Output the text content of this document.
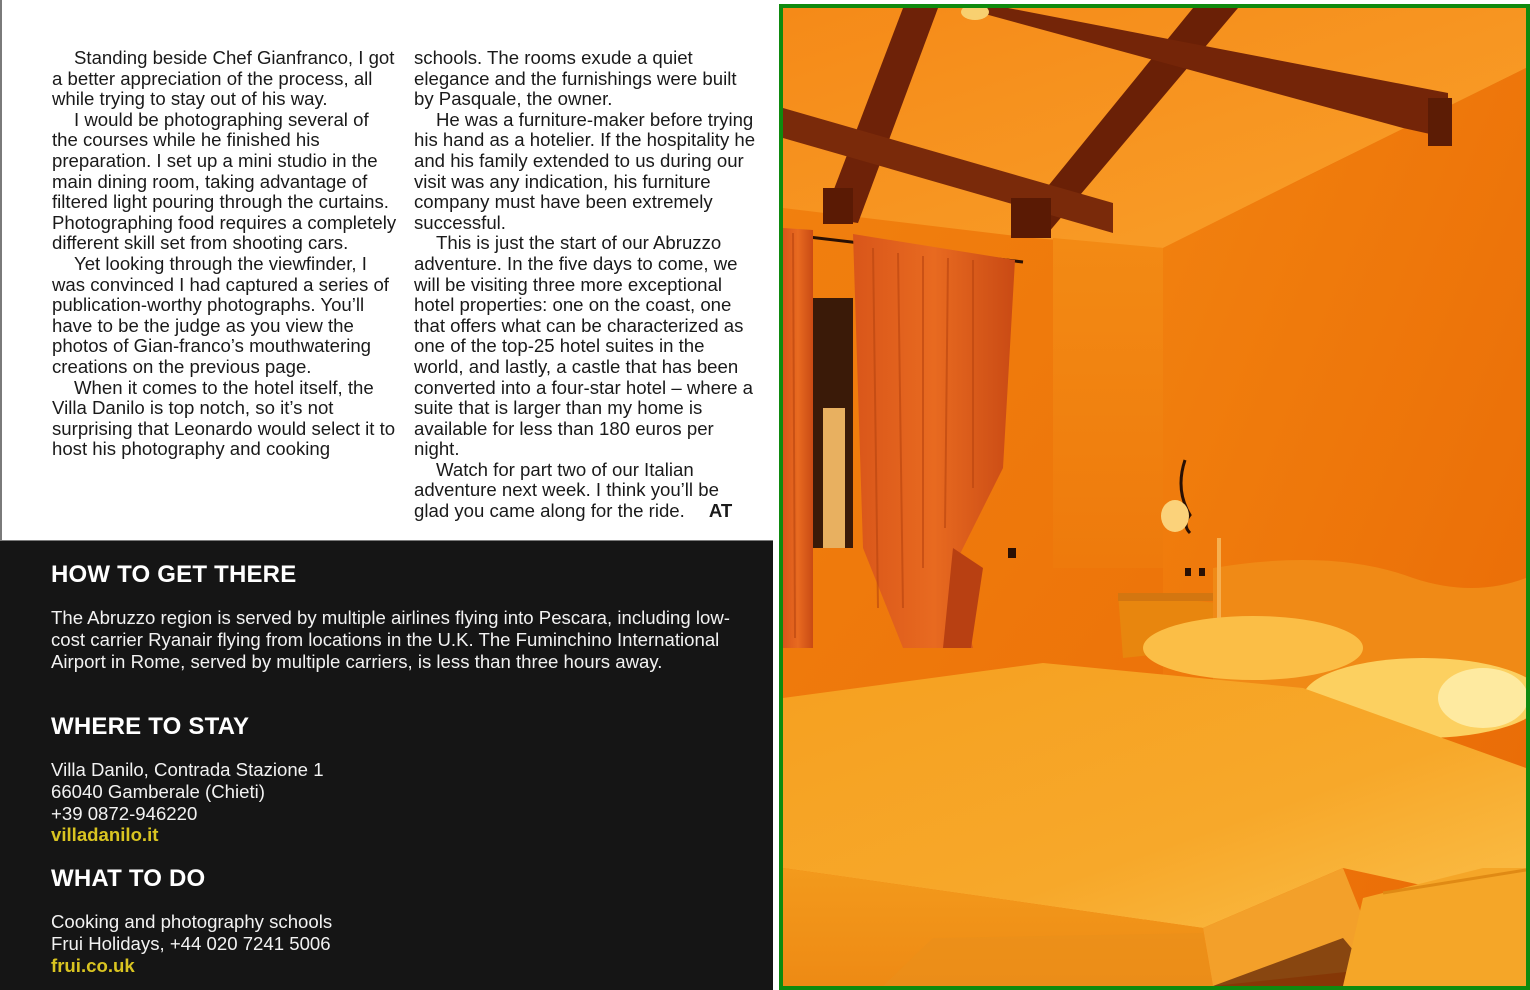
Standing beside Chef Gianfranco, I got a better appreciation of the process, all while trying to stay out of his way.

I would be photographing several of the courses while he finished his preparation. I set up a mini studio in the main dining room, taking advantage of filtered light pouring through the curtains. Photographing food requires a completely different skill set from shooting cars.

Yet looking through the viewfinder, I was convinced I had captured a series of publication-worthy photographs. You’ll have to be the judge as you view the photos of Gian-franco’s mouthwatering creations on the previous page.

When it comes to the hotel itself, the Villa Danilo is top notch, so it’s not surprising that Leonardo would select it to host his photography and cooking

schools. The rooms exude a quiet elegance and the furnishings were built by Pasquale, the owner.

He was a furniture-maker before trying his hand as a hotelier. If the hospitality he and his family extended to us during our visit was any indication, his furniture company must have been extremely successful.

This is just the start of our Abruzzo adventure. In the five days to come, we will be visiting three more exceptional hotel properties: one on the coast, one that offers what can be characterized as one of the top-25 hotel suites in the world, and lastly, a castle that has been converted into a four-star hotel – where a suite that is larger than my home is available for less than 180 euros per night.

Watch for part two of our Italian adventure next week. I think you’ll be glad you came along for the ride. AT

HOW TO GET THERE
The Abruzzo region is served by multiple airlines flying into Pescara, including low-cost carrier Ryanair flying from locations in the U.K. The Fuminchino International Airport in Rome, served by multiple carriers, is less than three hours away.
WHERE TO STAY
Villa Danilo, Contrada Stazione 1
66040 Gamberale (Chieti)
+39 0872-946220
villadanilo.it
WHAT TO DO
Cooking and photography schools
Frui Holidays, +44 020 7241 5006
frui.co.uk
